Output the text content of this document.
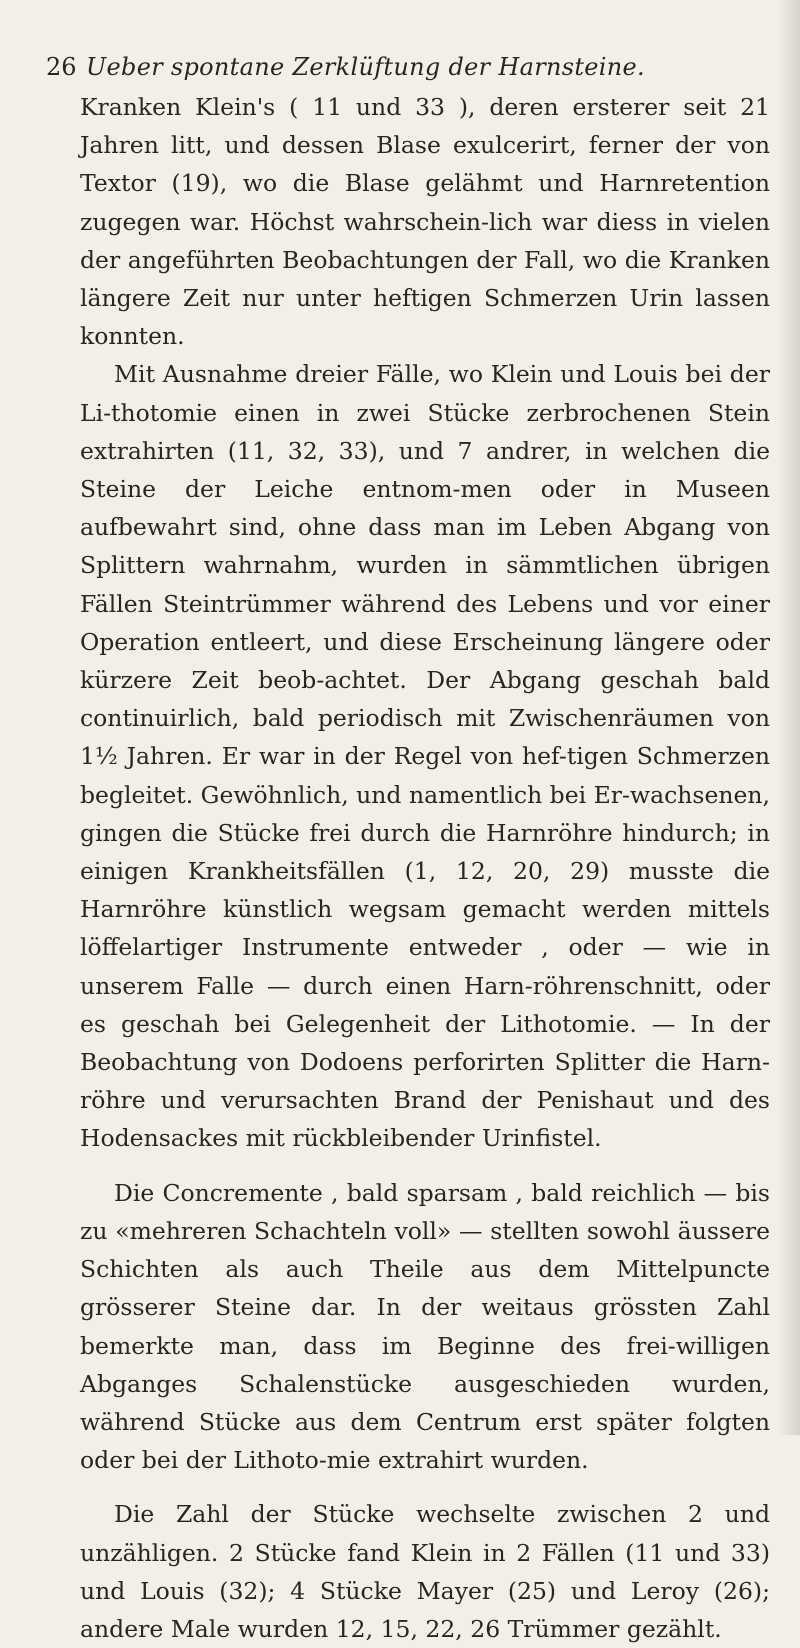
26 Ueber spontane Zerklüftung der Harnsteine.

Kranken Klein's ( 11 und 33 ), deren ersterer seit 21 Jahren litt, und dessen Blase exulcerirt, ferner der von Textor (19), wo die Blase gelähmt und Harnretention zugegen war. Höchst wahrschein-lich war diess in vielen der angeführten Beobachtungen der Fall, wo die Kranken längere Zeit nur unter heftigen Schmerzen Urin lassen konnten.

Mit Ausnahme dreier Fälle, wo Klein und Louis bei der Li-thotomie einen in zwei Stücke zerbrochenen Stein extrahirten (11, 32, 33), und 7 andrer, in welchen die Steine der Leiche entnom-men oder in Museen aufbewahrt sind, ohne dass man im Leben Abgang von Splittern wahrnahm, wurden in sämmtlichen übrigen Fällen Steintrümmer während des Lebens und vor einer Operation entleert, und diese Erscheinung längere oder kürzere Zeit beob-achtet. Der Abgang geschah bald continuirlich, bald periodisch mit Zwischenräumen von 1½ Jahren. Er war in der Regel von hef-tigen Schmerzen begleitet. Gewöhnlich, und namentlich bei Er-wachsenen, gingen die Stücke frei durch die Harnröhre hindurch; in einigen Krankheitsfällen (1, 12, 20, 29) musste die Harnröhre künstlich wegsam gemacht werden mittels löffelartiger Instrumente entweder , oder — wie in unserem Falle — durch einen Harn-röhrenschnitt, oder es geschah bei Gelegenheit der Lithotomie. — In der Beobachtung von Dodoens perforirten Splitter die Harn-röhre und verursachten Brand der Penishaut und des Hodensackes mit rückbleibender Urinfistel.

Die Concremente , bald sparsam , bald reichlich — bis zu «mehreren Schachteln voll» — stellten sowohl äussere Schichten als auch Theile aus dem Mittelpuncte grösserer Steine dar. In der weitaus grössten Zahl bemerkte man, dass im Beginne des frei-willigen Abganges Schalenstücke ausgeschieden wurden, während Stücke aus dem Centrum erst später folgten oder bei der Lithoto-mie extrahirt wurden.

Die Zahl der Stücke wechselte zwischen 2 und unzähligen. 2 Stücke fand Klein in 2 Fällen (11 und 33) und Louis (32); 4 Stücke Mayer (25) und Leroy (26); andere Male wurden 12, 15, 22, 26 Trümmer gezählt.
